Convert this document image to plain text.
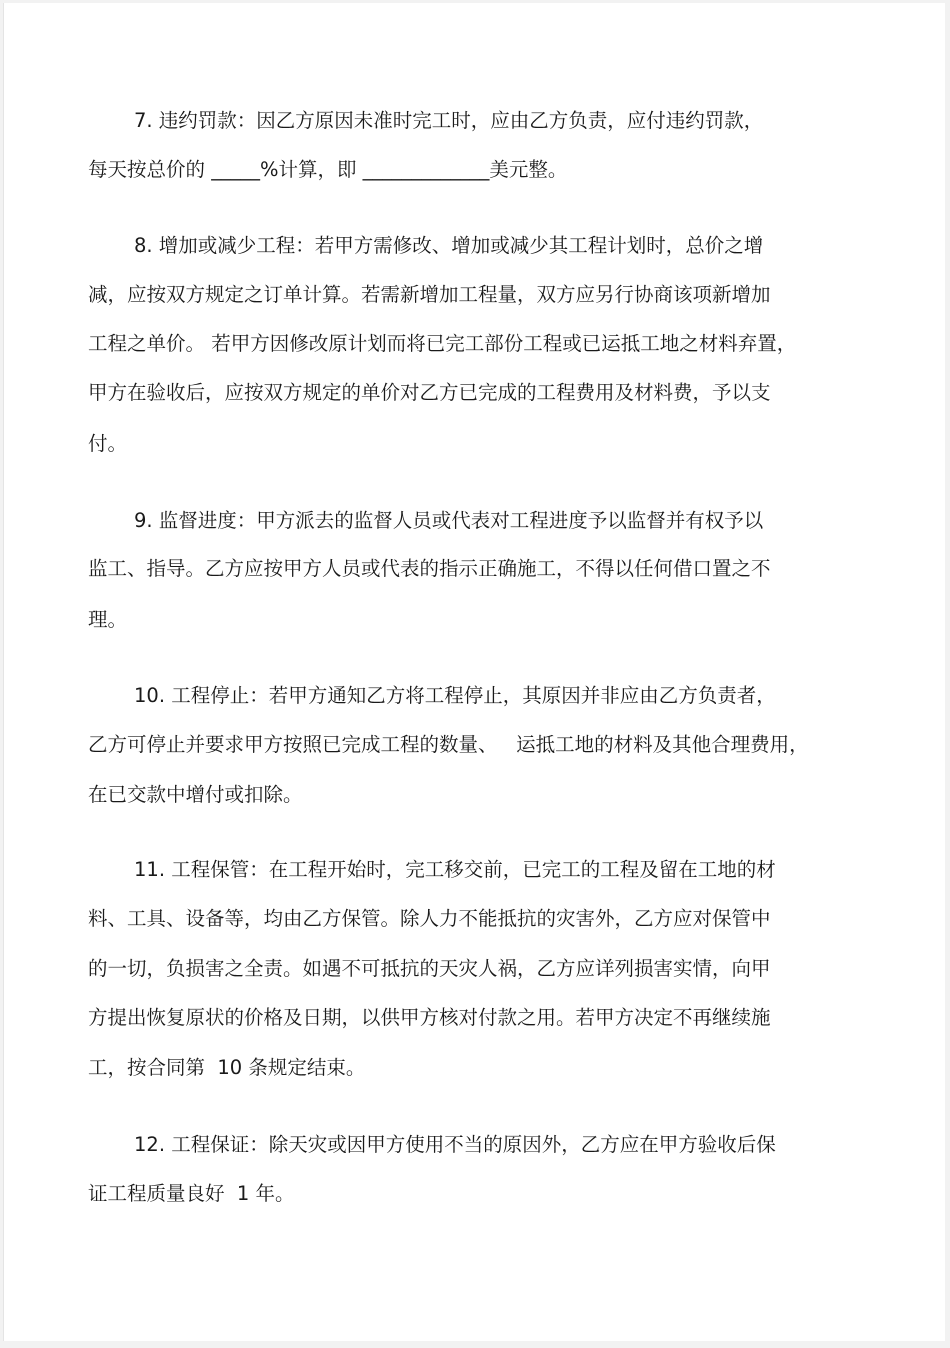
7. 违约罚款：因乙方原因未准时完工时，应由乙方负责，应付违约罚款，
每天按总价的 _____%计算，即 _____________美元整。
8. 增加或减少工程：若甲方需修改、增加或减少其工程计划时，总价之增
减，应按双方规定之订单计算。若需新增加工程量，双方应另行协商该项新增加
工程之单价。 若甲方因修改原计划而将已完工部份工程或已运抵工地之材料弃置，
甲方在验收后，应按双方规定的单价对乙方已完成的工程费用及材料费，予以支
付。
9. 监督进度：甲方派去的监督人员或代表对工程进度予以监督并有权予以
监工、指导。乙方应按甲方人员或代表的指示正确施工，不得以任何借口置之不
理。
10. 工程停止：若甲方通知乙方将工程停止，其原因并非应由乙方负责者，
乙方可停止并要求甲方按照已完成工程的数量、   运抵工地的材料及其他合理费用，
在已交款中增付或扣除。
11. 工程保管：在工程开始时，完工移交前，已完工的工程及留在工地的材
料、工具、设备等，均由乙方保管。除人力不能抵抗的灾害外，乙方应对保管中
的一切，负损害之全责。如遇不可抵抗的天灾人祸，乙方应详列损害实情，向甲
方提出恢复原状的价格及日期，以供甲方核对付款之用。若甲方决定不再继续施
工，按合同第  10 条规定结束。
12. 工程保证：除天灾或因甲方使用不当的原因外，乙方应在甲方验收后保
证工程质量良好  1 年。
